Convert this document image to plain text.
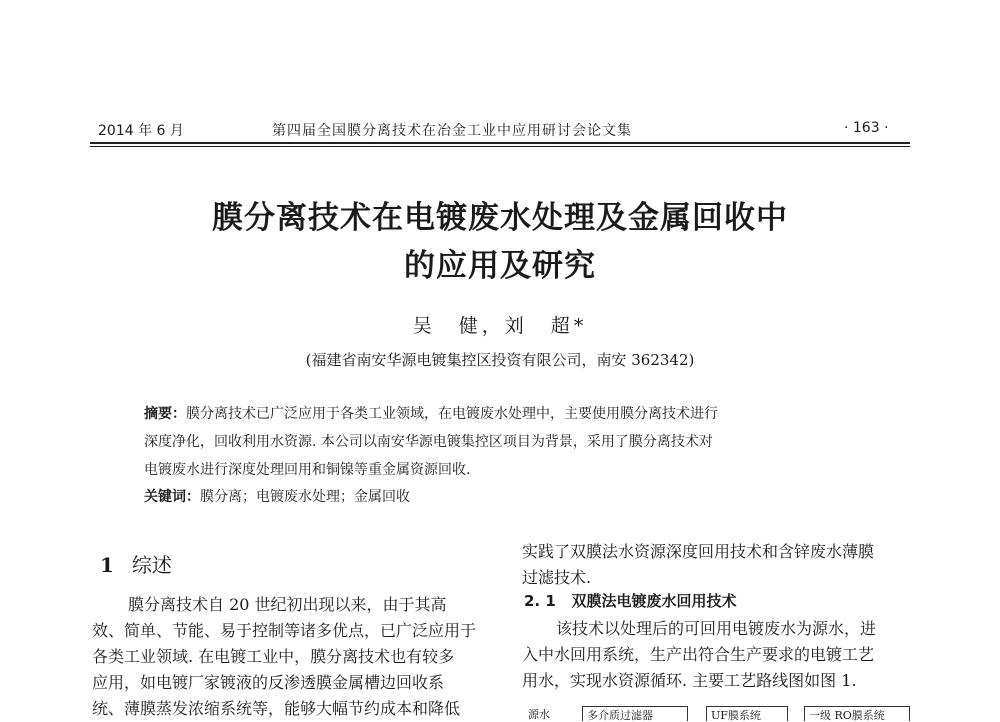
2014 年 6 月	第四届全国膜分离技术在冶金工业中应用研讨会论文集	· 163 ·
膜分离技术在电镀废水处理及金属回收中
的应用及研究
吴　健，刘　超*
(福建省南安华源电镀集控区投资有限公司，南安 362342)
摘要：膜分离技术已广泛应用于各类工业领域，在电镀废水处理中，主要使用膜分离技术进行
深度净化，回收利用水资源. 本公司以南安华源电镀集控区项目为背景，采用了膜分离技术对
电镀废水进行深度处理回用和铜镍等重金属资源回收.
关键词：膜分离；电镀废水处理；金属回收
1 综述
膜分离技术自 20 世纪初出现以来，由于其高
效、简单、节能、易于控制等诸多优点，已广泛应用于
各类工业领域. 在电镀工业中，膜分离技术也有较多
应用，如电镀厂家镀液的反渗透膜金属槽边回收系
统、薄膜蒸发浓缩系统等，能够大幅节约成本和降低
实践了双膜法水资源深度回用技术和含锌废水薄膜
过滤技术.
2. 1 双膜法电镀废水回用技术
该技术以处理后的可回用电镀废水为源水，进
入中水回用系统，生产出符合生产要求的电镀工艺
用水，实现水资源循环. 主要工艺路线图如图 1.
源水	多介质过滤器	UF膜系统	一级 RO膜系统
